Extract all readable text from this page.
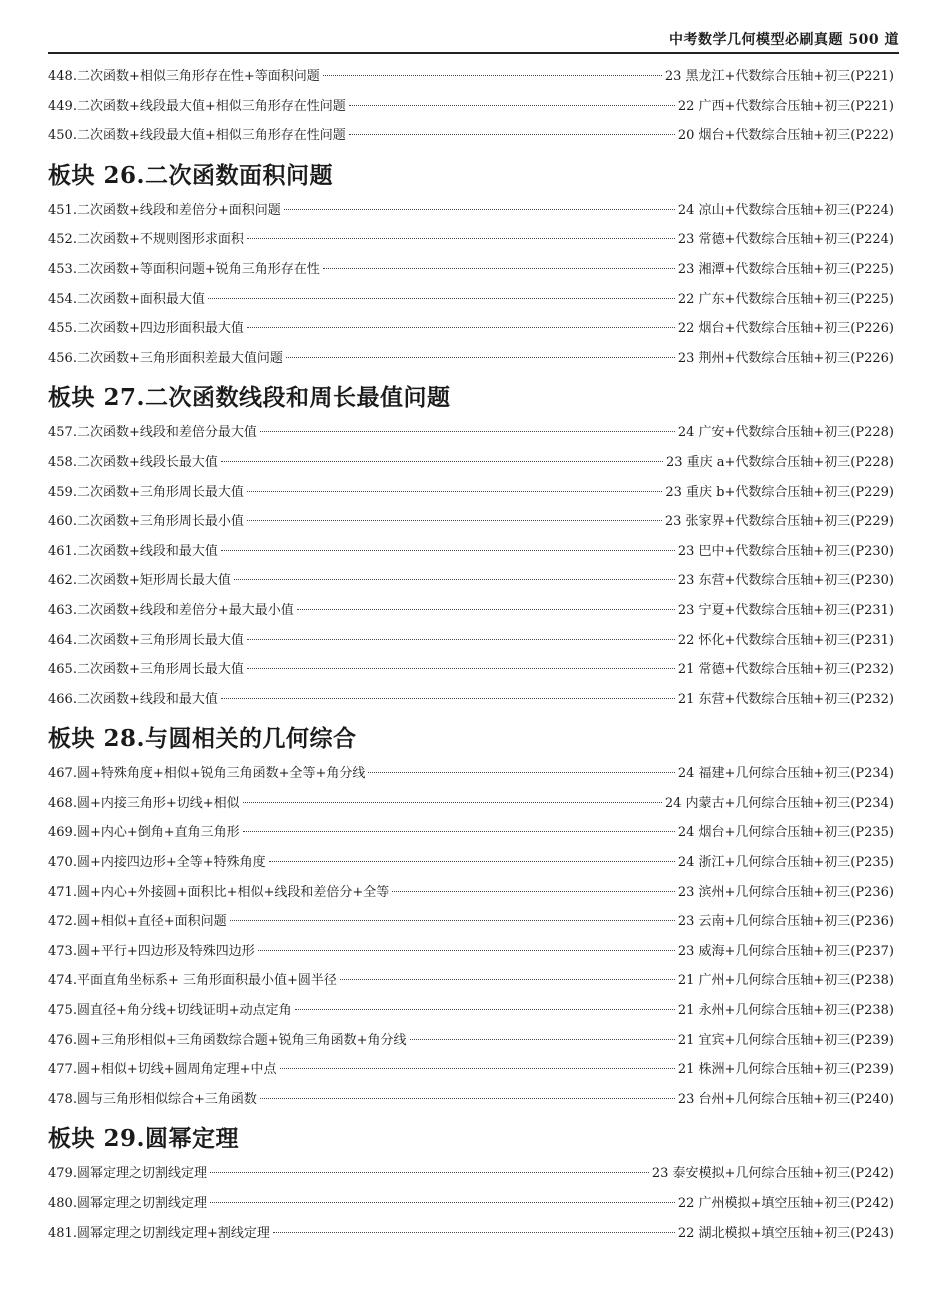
中考数学几何模型必刷真题 500 道
448.二次函数+相似三角形存在性+等面积问题	23 黑龙江+代数综合压轴+初三(P221)
449.二次函数+线段最大值+相似三角形存在性问题	22 广西+代数综合压轴+初三(P221)
450.二次函数+线段最大值+相似三角形存在性问题	20 烟台+代数综合压轴+初三(P222)
板块 26.二次函数面积问题
451.二次函数+线段和差倍分+面积问题	24 凉山+代数综合压轴+初三(P224)
452.二次函数+不规则图形求面积	23 常德+代数综合压轴+初三(P224)
453.二次函数+等面积问题+锐角三角形存在性	23 湘潭+代数综合压轴+初三(P225)
454.二次函数+面积最大值	22 广东+代数综合压轴+初三(P225)
455.二次函数+四边形面积最大值	22 烟台+代数综合压轴+初三(P226)
456.二次函数+三角形面积差最大值问题	23 荆州+代数综合压轴+初三(P226)
板块 27.二次函数线段和周长最值问题
457.二次函数+线段和差倍分最大值	24 广安+代数综合压轴+初三(P228)
458.二次函数+线段长最大值	23 重庆 a+代数综合压轴+初三(P228)
459.二次函数+三角形周长最大值	23 重庆 b+代数综合压轴+初三(P229)
460.二次函数+三角形周长最小值	23 张家界+代数综合压轴+初三(P229)
461.二次函数+线段和最大值	23 巴中+代数综合压轴+初三(P230)
462.二次函数+矩形周长最大值	23 东营+代数综合压轴+初三(P230)
463.二次函数+线段和差倍分+最大最小值	23 宁夏+代数综合压轴+初三(P231)
464.二次函数+三角形周长最大值	22 怀化+代数综合压轴+初三(P231)
465.二次函数+三角形周长最大值	21 常德+代数综合压轴+初三(P232)
466.二次函数+线段和最大值	21 东营+代数综合压轴+初三(P232)
板块 28.与圆相关的几何综合
467.圆+特殊角度+相似+锐角三角函数+全等+角分线	24 福建+几何综合压轴+初三(P234)
468.圆+内接三角形+切线+相似	24 内蒙古+几何综合压轴+初三(P234)
469.圆+内心+倒角+直角三角形	24 烟台+几何综合压轴+初三(P235)
470.圆+内接四边形+全等+特殊角度	24 浙江+几何综合压轴+初三(P235)
471.圆+内心+外接圆+面积比+相似+线段和差倍分+全等	23 滨州+几何综合压轴+初三(P236)
472.圆+相似+直径+面积问题	23 云南+几何综合压轴+初三(P236)
473.圆+平行+四边形及特殊四边形	23 威海+几何综合压轴+初三(P237)
474.平面直角坐标系+ 三角形面积最小值+圆半径	21 广州+几何综合压轴+初三(P238)
475.圆直径+角分线+切线证明+动点定角	21 永州+几何综合压轴+初三(P238)
476.圆+三角形相似+三角函数综合题+锐角三角函数+角分线	21 宜宾+几何综合压轴+初三(P239)
477.圆+相似+切线+圆周角定理+中点	21 株洲+几何综合压轴+初三(P239)
478.圆与三角形相似综合+三角函数	23 台州+几何综合压轴+初三(P240)
板块 29.圆幂定理
479.圆幂定理之切割线定理	23 泰安模拟+几何综合压轴+初三(P242)
480.圆幂定理之切割线定理	22 广州模拟+填空压轴+初三(P242)
481.圆幂定理之切割线定理+割线定理	22 湖北模拟+填空压轴+初三(P243)
